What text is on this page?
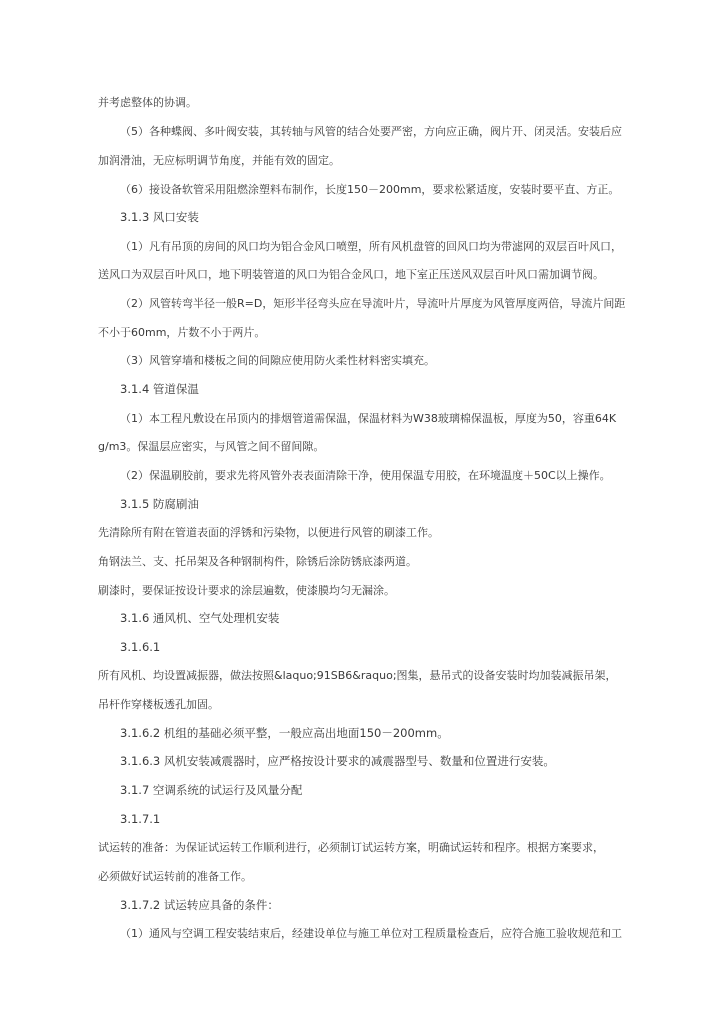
并考虑整体的协调。
（5）各种蝶阀、多叶阀安装，其转轴与风管的结合处要严密，方向应正确，阀片开、闭灵活。安装后应
加润滑油，无应标明调节角度，并能有效的固定。
（6）接设备软管采用阻燃涂塑料布制作，长度150－200mm，要求松紧适度，安装时要平直、方正。
3.1.3 风口安装
（1）凡有吊顶的房间的风口均为铝合金风口喷塑，所有风机盘管的回风口均为带滤网的双层百叶风口，
送风口为双层百叶风口，地下明装管道的风口为铝合金风口，地下室正压送风双层百叶风口需加调节阀。
（2）风管转弯半径一般R=D，矩形半径弯头应在导流叶片，导流叶片厚度为风管厚度两倍，导流片间距
不小于60mm，片数不小于两片。
（3）风管穿墙和楼板之间的间隙应使用防火柔性材料密实填充。
3.1.4 管道保温
（1）本工程凡敷设在吊顶内的排烟管道需保温，保温材料为W38玻璃棉保温板，厚度为50，容重64K
g/m3。保温层应密实，与风管之间不留间隙。
（2）保温刷胶前，要求先将风管外表表面清除干净，使用保温专用胶，在环境温度＋50C以上操作。
3.1.5 防腐刷油
先清除所有附在管道表面的浮锈和污染物，以便进行风管的刷漆工作。
角钢法兰、支、托吊架及各种钢制构件，除锈后涂防锈底漆两道。
刷漆时，要保证按设计要求的涂层遍数，使漆膜均匀无漏涂。
3.1.6 通风机、空气处理机安装
3.1.6.1
所有风机、均设置减振器，做法按照&laquo;91SB6&raquo;图集，悬吊式的设备安装时均加装减振吊架，
吊杆作穿楼板透孔加固。
3.1.6.2 机组的基础必须平整，一般应高出地面150－200mm。
3.1.6.3 风机安装减震器时，应严格按设计要求的减震器型号、数量和位置进行安装。
3.1.7 空调系统的试运行及风量分配
3.1.7.1
试运转的准备：为保证试运转工作顺利进行，必须制订试运转方案，明确试运转和程序。根据方案要求，
必须做好试运转前的准备工作。
3.1.7.2 试运转应具备的条件：
（1）通风与空调工程安装结束后，经建设单位与施工单位对工程质量检查后，应符合施工验收规范和工
